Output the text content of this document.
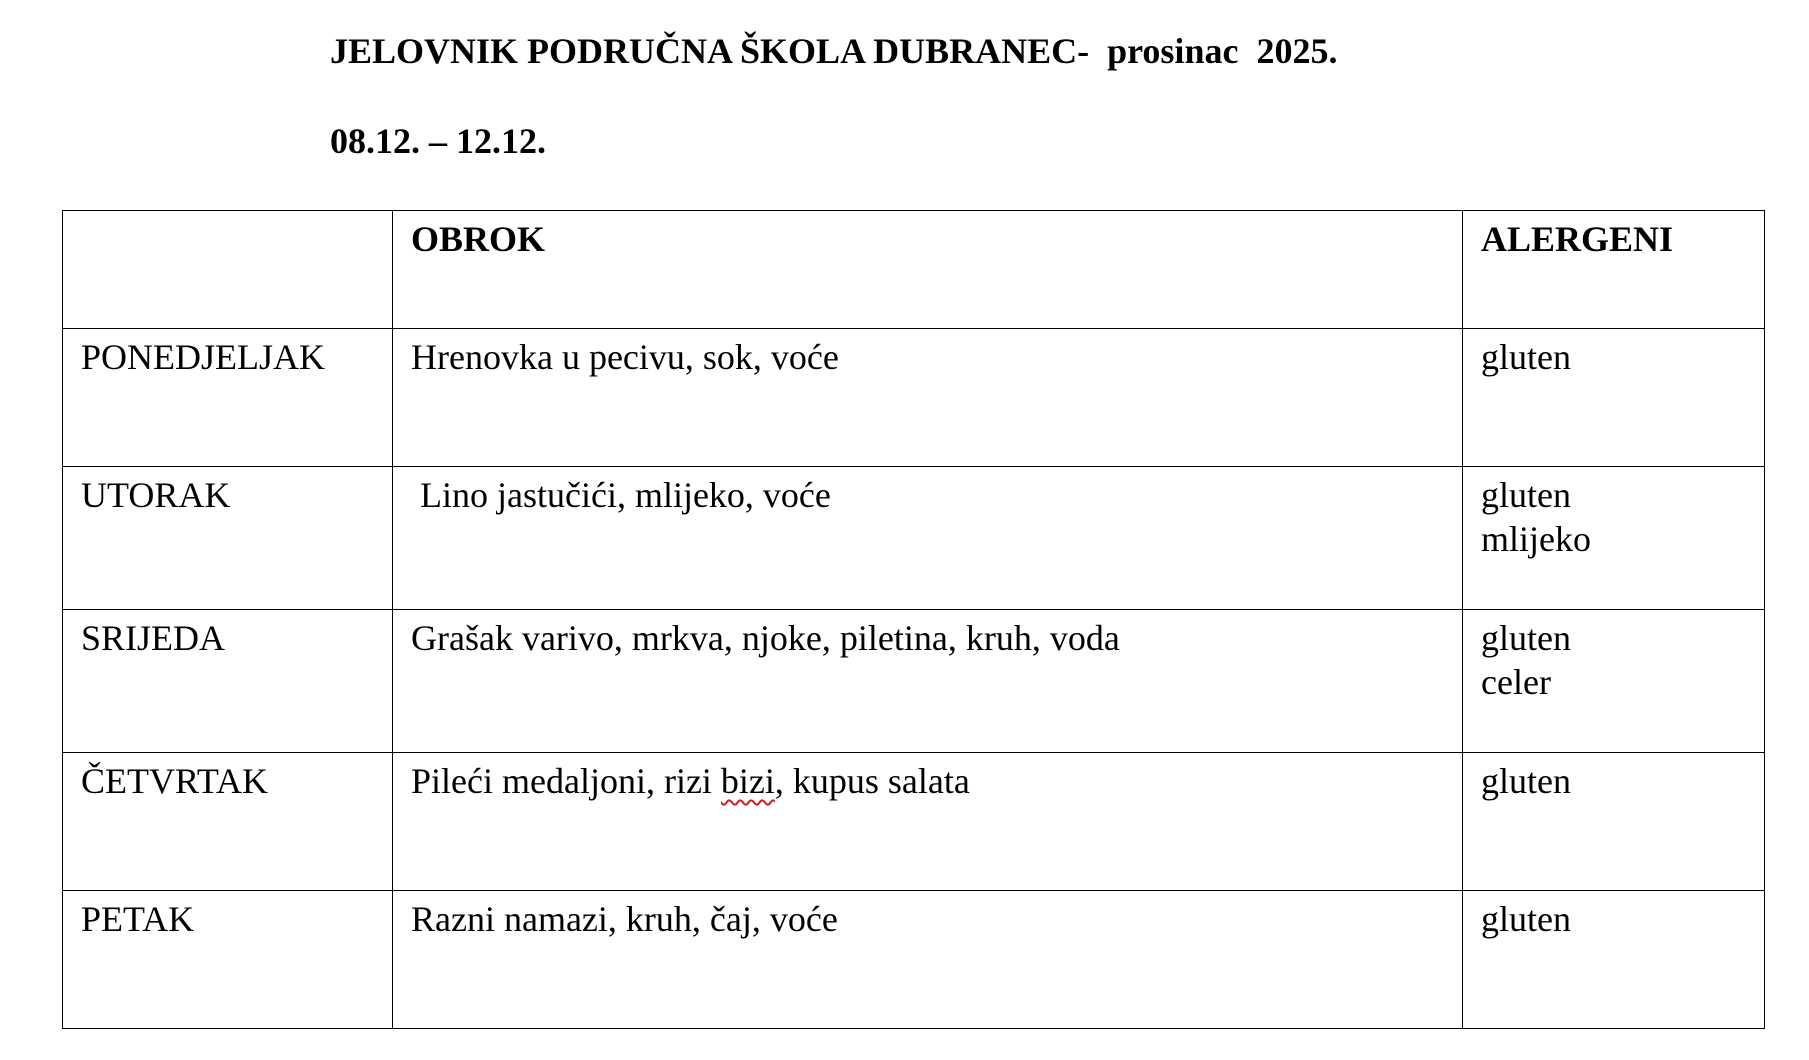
JELOVNIK PODRUČNA ŠKOLA DUBRANEC-  prosinac  2025.
08.12. – 12.12.
	OBROK	ALERGENI
PONEDJELJAK	Hrenovka u pecivu, sok, voće	gluten

UTORAK	Lino jastučići, mlijeko, voće	gluten
mlijeko

SRIJEDA	Grašak varivo, mrkva, njoke, piletina, kruh, voda	gluten
celer

ČETVRTAK	Pileći medaljoni, rizi bizi, kupus salata	gluten

PETAK	Razni namazi, kruh, čaj, voće	gluten
